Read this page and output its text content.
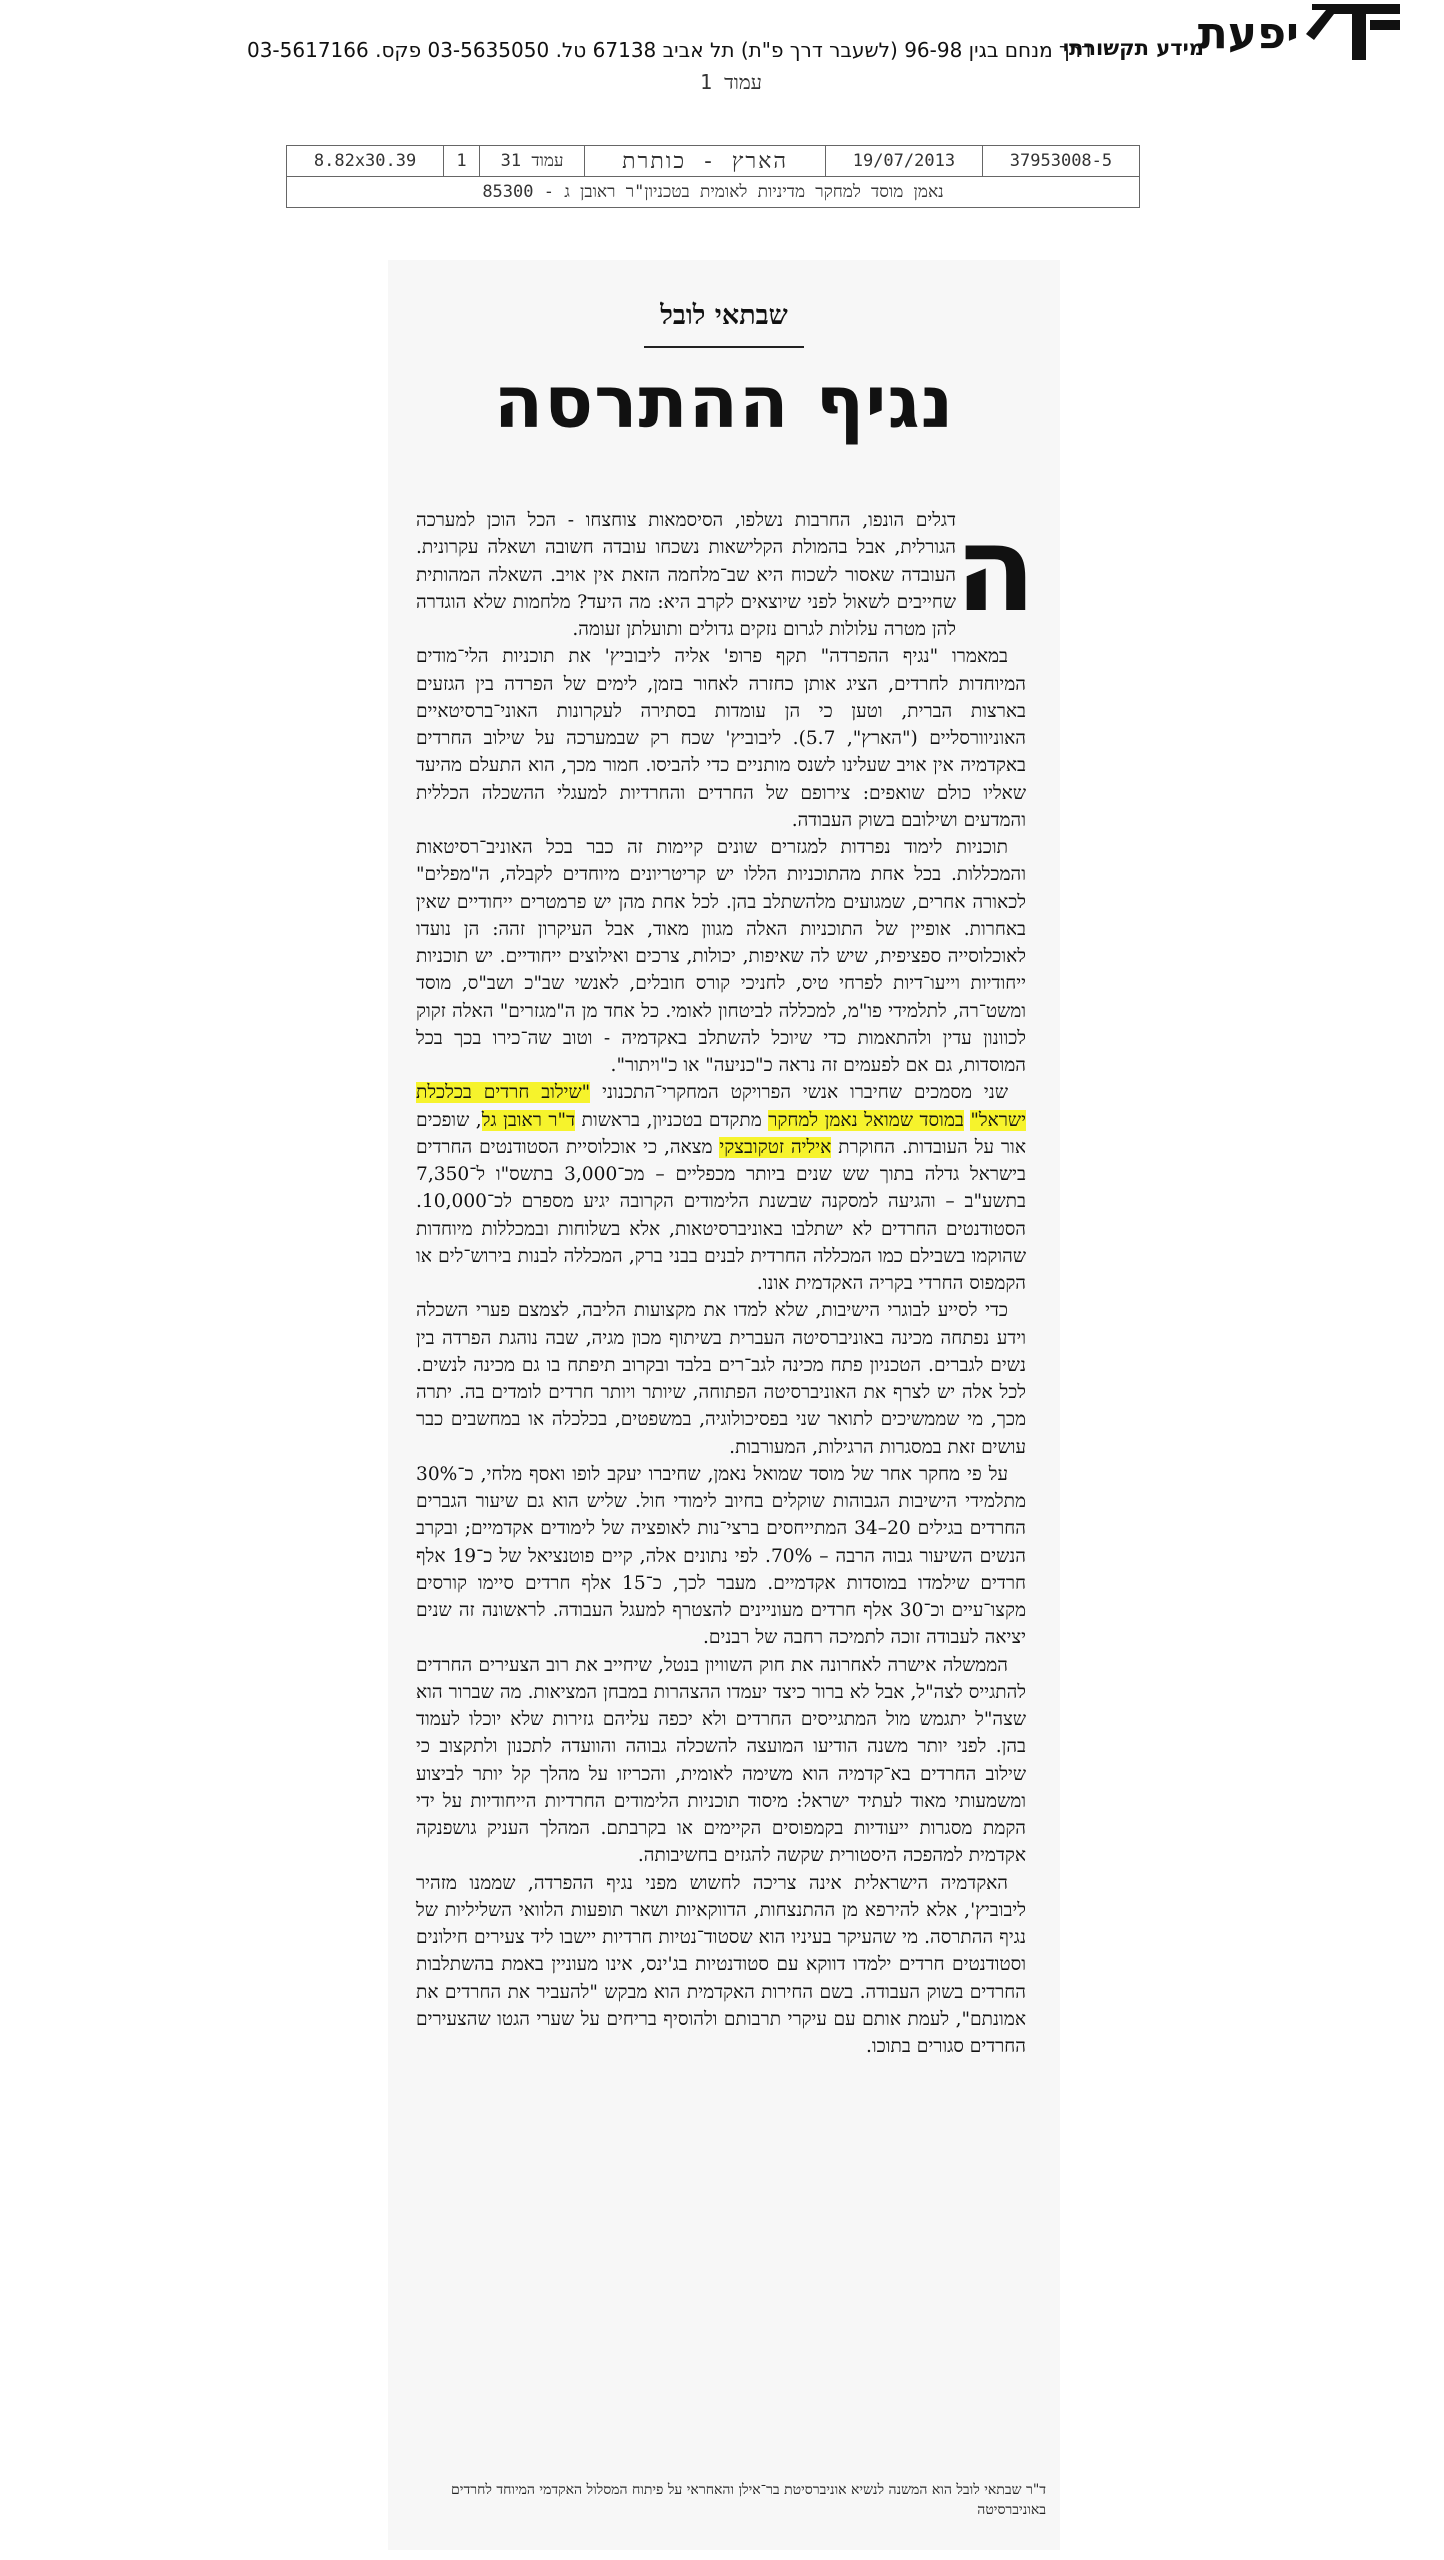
יפעת
מידע תקשורתי
דרך מנחם בגין 96-98 (לשעבר דרך פ"ת) תל אביב 67138 טל. 03-5635050 פקס. 03-5617166
עמוד 1
37953008-5	19/07/2013	הארץ - כותרת	עמוד 31	1	8.82x30.39
נאמן מוסד למחקר מדיניות לאומית בטכניון"ר ראובן ג - 85300
שבתאי לובל
נגיף ההתרסה
ה

דגלים הונפו, החרבות נשלפו, הסיסמאות צוחצחו - הכל הוכן למערכה הגורלית, אבל בהמולת הקלישאות נשכחו עובדה חשובה ושאלה עקרונית. העובדה שאסור לשכוח היא שב־מלחמה הזאת אין אויב. השאלה המהותית שחייבים לשאול לפני שיוצאים לקרב היא: מה היעד? מלחמות שלא הוגדרה להן מטרה עלולות לגרום נזקים גדולים ותועלתן זעומה.

במאמרו "נגיף ההפרדה" תקף פרופ' אליה ליבוביץ' את תוכניות הלי־מודים המיוחדות לחרדים, הציג אותן כחזרה לאחור בזמן, לימים של הפרדה בין הגזעים בארצות הברית, וטען כי הן עומדות בסתירה לעקרונות האוני־ברסיטאיים האוניוורסליים ("הארץ", 5.7). ליבוביץ' שכח רק שבמערכה על שילוב החרדים באקדמיה אין אויב שעלינו לשנס מותניים כדי להביסו. חמור מכך, הוא התעלם מהיעד שאליו כולם שואפים: צירופם של החרדים והחרדיות למעגלי ההשכלה הכללית והמדעים ושילובם בשוק העבודה.

תוכניות לימוד נפרדות למגזרים שונים קיימות זה כבר בכל האוניב־רסיטאות והמכללות. בכל אחת מהתוכניות הללו יש קריטריונים מיוחדים לקבלה, ה"מפלים" לכאורה אחרים, שמגועים מלהשתלב בהן. לכל אחת מהן יש פרמטרים ייחודיים שאין באחרות. אופיין של התוכניות האלה מגוון מאוד, אבל העיקרון זהה: הן נועדו לאוכלוסייה ספציפית, שיש לה שאיפות, יכולות, צרכים ואילוצים ייחודיים. יש תוכניות ייחודיות וייעו־דיות לפרחי טיס, לחניכי קורס חובלים, לאנשי שב"כ ושב"ס, מוסד ומשט־רה, לתלמידי פו"מ, למכללה לביטחון לאומי. כל אחד מן ה"מגזרים" האלה זקוק לכוונון עדין ולהתאמות כדי שיוכל להשתלב באקדמיה - וטוב שה־כירו בכך בכל המוסדות, גם אם לפעמים זה נראה כ"כניעה" או כ"ויתור".

שני מסמכים שחיברו אנשי הפרויקט המחקרי־התכנוני "שילוב חרדים בכלכלת ישראל" במוסד שמואל נאמן למחקר מתקדם בטכניון, בראשות ד"ר ראובן גל, שופכים אור על העובדות. החוקרת איליה זטקובצקי מצאה, כי אוכלוסיית הסטודנטים החרדים בישראל גדלה בתוך שש שנים ביותר מכפליים – מכ־3,000 בתשס"ו ל־7,350 בתשע"ב – והגיעה למסקנה שבשנת הלימודים הקרובה יגיע מספרם לכ־10,000. הסטודנטים החרדים לא ישתלבו באוניברסיטאות, אלא בשלוחות ובמכללות מיוחדות שהוקמו בשבילם כמו המכללה החרדית לבנים בבני ברק, המכללה לבנות בירוש־לים או הקמפוס החרדי בקריה האקדמית אונו.

כדי לסייע לבוגרי הישיבות, שלא למדו את מקצועות הליבה, לצמצם פערי השכלה וידע נפתחה מכינה באוניברסיטה העברית בשיתוף מכון מגיה, שבה נוהגת הפרדה בין נשים לגברים. הטכניון פתח מכינה לגב־רים בלבד ובקרוב תיפתח בו גם מכינה לנשים. לכל אלה יש לצרף את האוניברסיטה הפתוחה, שיותר ויותר חרדים לומדים בה. יתרה מכך, מי שממשיכים לתואר שני בפסיכולוגיה, במשפטים, בכלכלה או במחשבים כבר עושים זאת במסגרות הרגילות, המעורבות.

על פי מחקר אחר של מוסד שמואל נאמן, שחיברו יעקב לופו ואסף מלחי, כ־30% מתלמידי הישיבות הגבוהות שוקלים בחיוב לימודי חול. שליש הוא גם שיעור הגברים החרדים בגילים 20–34 המתייחסים ברצי־נות לאופציה של לימודים אקדמיים; ובקרב הנשים השיעור גבוה הרבה – 70%. לפי נתונים אלה, קיים פוטנציאל של כ־19 אלף חרדים שילמדו במוסדות אקדמיים. מעבר לכך, כ־15 אלף חרדים סיימו קורסים מקצו־עיים וכ־30 אלף חרדים מעוניינים להצטרף למעגל העבודה. לראשונה זה שנים יציאה לעבודה זוכה לתמיכה רחבה של רבנים.

הממשלה אישרה לאחרונה את חוק השוויון בנטל, שיחייב את רוב הצעירים החרדים להתגייס לצה"ל, אבל לא ברור כיצד יעמדו ההצהרות במבחן המציאות. מה שברור הוא שצה"ל יתגמש מול המתגייסים החרדים ולא יכפה עליהם גזירות שלא יוכלו לעמוד בהן. לפני יותר משנה הודיעו המועצה להשכלה גבוהה והוועדה לתכנון ולתקצוב כי שילוב החרדים בא־קדמיה הוא משימה לאומית, והכריזו על מהלך קל יותר לביצוע ומשמעותי מאוד לעתיד ישראל: מיסוד תוכניות הלימודים החרדיות הייחודיות על ידי הקמת מסגרות ייעודיות בקמפוסים הקיימים או בקרבתם. המהלך העניק גושפנקה אקדמית למהפכה היסטורית שקשה להגזים בחשיבותה.

האקדמיה הישראלית אינה צריכה לחשוש מפני נגיף ההפרדה, שממנו מזהיר ליבוביץ', אלא להירפא מן ההתנצחות, הדווקאיות ושאר תופעות הלוואי השליליות של נגיף ההתרסה. מי שהעיקר בעיניו הוא שסטוד־נטיות חרדיות יישבו ליד צעירים חילונים וסטודנטים חרדים ילמדו דווקא עם סטודנטיות בג'ינס, אינו מעוניין באמת בהשתלבות החרדים בשוק העבודה. בשם החירות האקדמית הוא מבקש "להעביר את החרדים את אמונתם", לעמת אותם עם עיקרי תרבותם ולהוסיף בריחים על שערי הגטו שהצעירים החרדים סגורים בתוכו.

ד"ר שבתאי לובל הוא המשנה לנשיא אוניברסיטת בר־אילן והאחראי על פיתוח המסלול האקדמי המיוחד לחרדים באוניברסיטה
